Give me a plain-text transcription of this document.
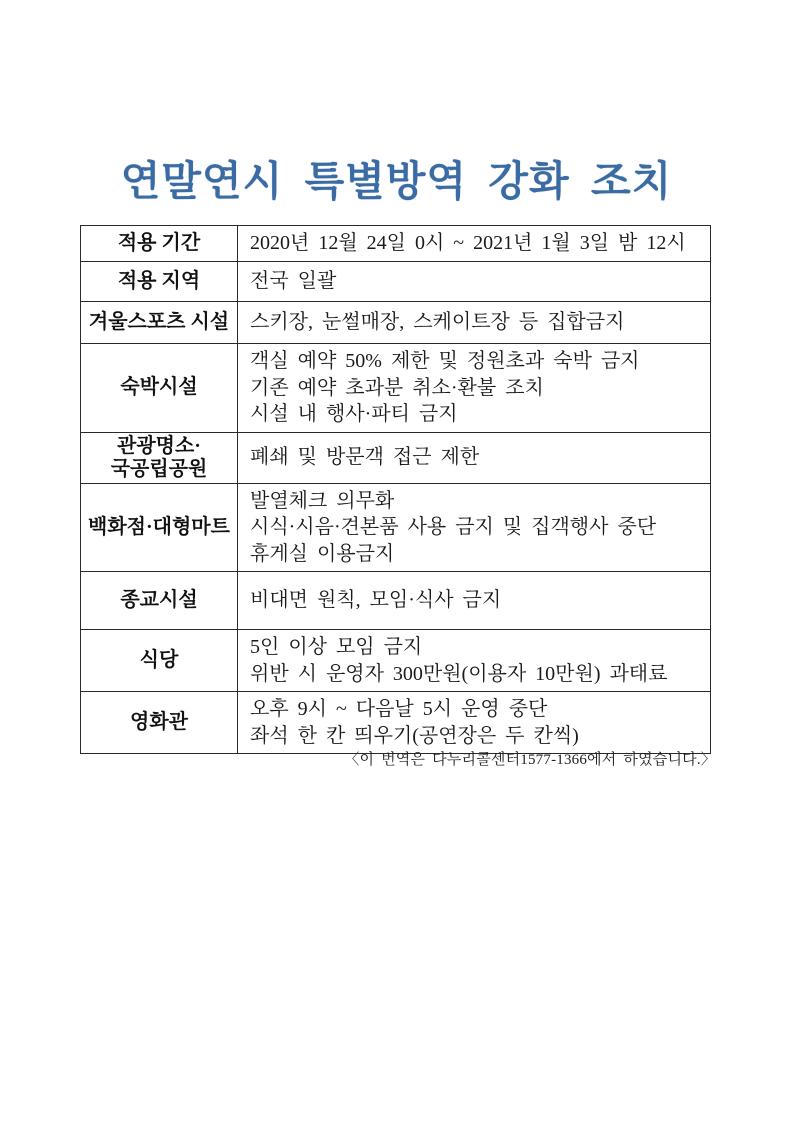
연말연시 특별방역 강화 조치
적용 기간	2020년 12월 24일 0시 ~ 2021년 1월 3일 밤 12시

적용 지역	전국 일괄

겨울스포츠 시설	스키장, 눈썰매장, 스케이트장 등 집합금지

숙박시설	객실 예약 50% 제한 및 정원초과 숙박 금지
기존 예약 초과분 취소·환불 조치
시설 내 행사·파티 금지

관광명소·
국공립공원	폐쇄 및 방문객 접근 제한

백화점·대형마트	발열체크 의무화
시식·시음·견본품 사용 금지 및 집객행사 중단
휴게실 이용금지

종교시설	비대면 원칙, 모임·식사 금지

식당	5인 이상 모임 금지
위반 시 운영자 300만원(이용자 10만원) 과태료

영화관	오후 9시 ~ 다음날 5시 운영 중단
좌석 한 칸 띄우기(공연장은 두 칸씩)
〈이 번역은 다누리콜센터1577-1366에서 하였습니다.〉
